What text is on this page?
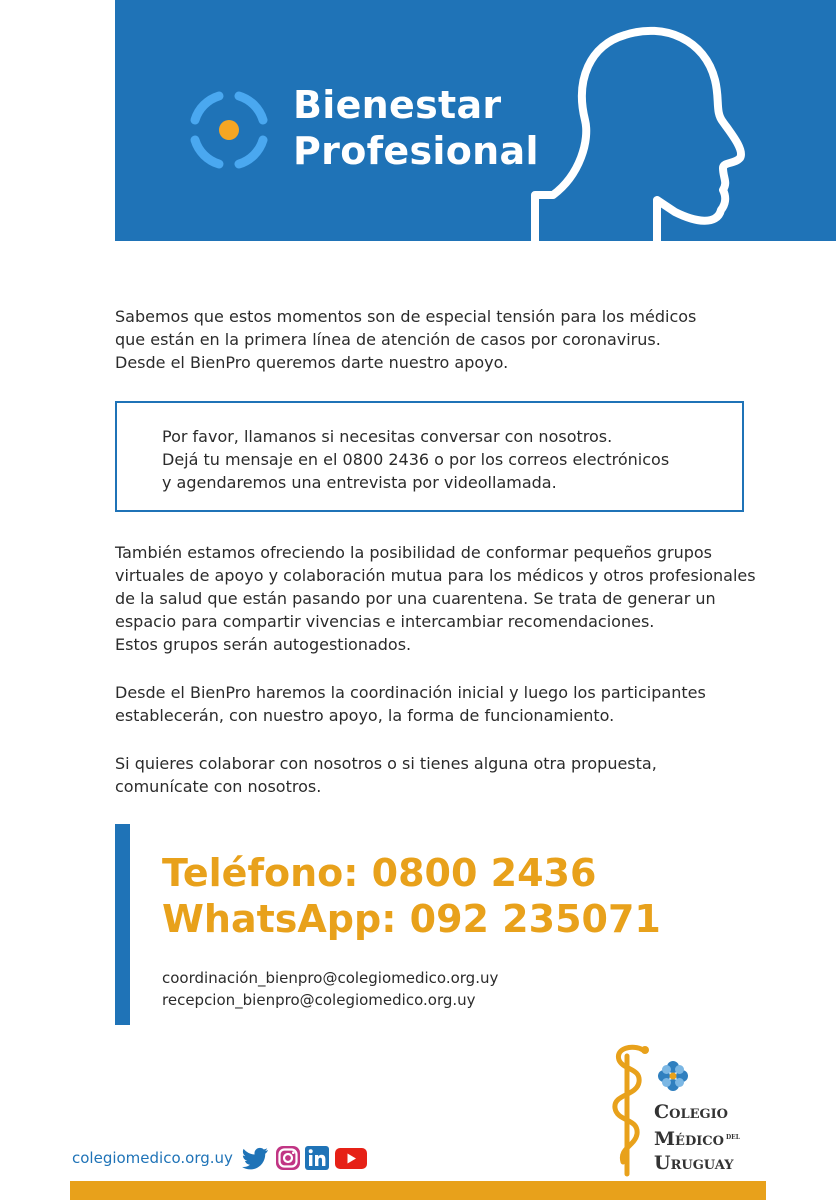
Bienestar
Profesional

Sabemos que estos momentos son de especial tensión para los médicos
que están en la primera línea de atención de casos por coronavirus.
Desde el BienPro queremos darte nuestro apoyo.

Por favor, llamanos si necesitas conversar con nosotros.
Dejá tu mensaje en el 0800 2436 o por los correos electrónicos
y agendaremos una entrevista por videollamada.

También estamos ofreciendo la posibilidad de conformar pequeños grupos
virtuales de apoyo y colaboración mutua para los médicos y otros profesionales
de la salud que están pasando por una cuarentena. Se trata de generar un
espacio para compartir vivencias e intercambiar recomendaciones.
Estos grupos serán autogestionados.

Desde el BienPro haremos la coordinación inicial y luego los participantes
establecerán, con nuestro apoyo, la forma de funcionamiento.

Si quieres colaborar con nosotros o si tienes alguna otra propuesta,
comunícate con nosotros.

Teléfono: 0800 2436
WhatsApp: 092 235071
coordinación_bienpro@colegiomedico.org.uy
recepcion_bienpro@colegiomedico.org.uy
Colegio
Médico $^{del}$
Uruguay
colegiomedico.org.uy
